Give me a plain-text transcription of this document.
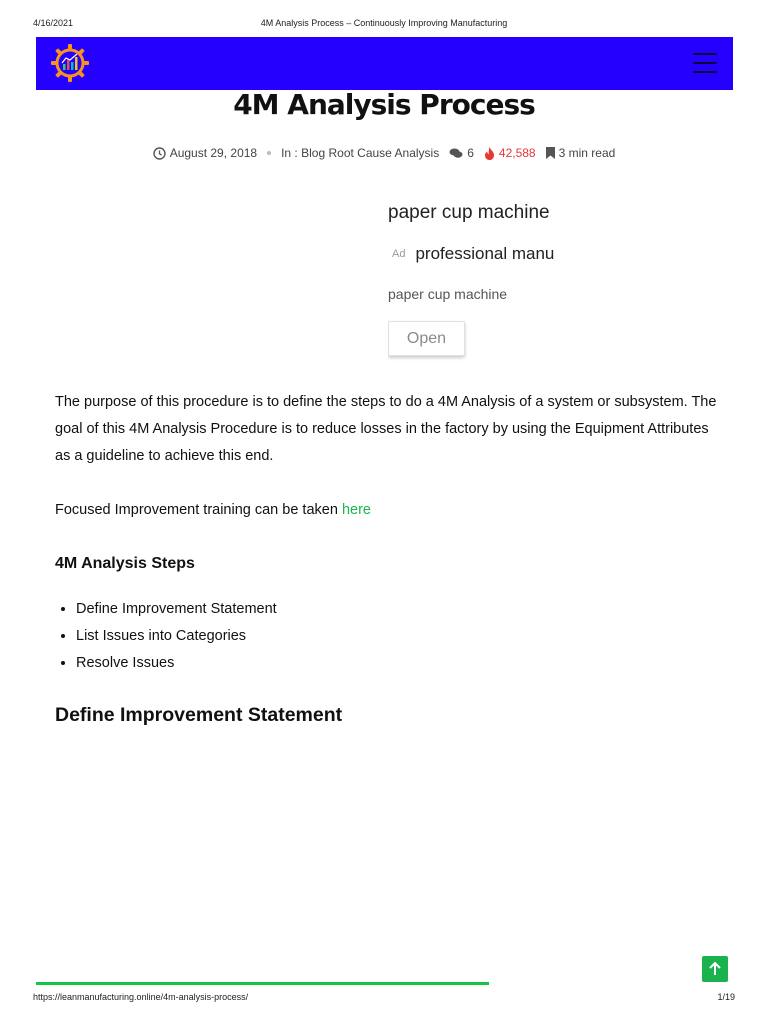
4/16/2021	4M Analysis Process – Continuously Improving Manufacturing
4M Analysis Process
August 29, 2018 In :
Blog Root Cause Analysis 6 42,588 3 min read
paper cup machine
Ad professional manu
paper cup machine
Open

The purpose of this procedure is to define the steps to do a 4M Analysis of a system or subsystem. The goal of this 4M Analysis Procedure is to reduce losses in the factory by using the Equipment Attributes as a guideline to achieve this end.

Focused Improvement training can be taken here

4M Analysis Steps
• Define Improvement Statement
• List Issues into Categories
• Resolve Issues
Define Improvement Statement
https://leanmanufacturing.online/4m-analysis-process/	1/19
